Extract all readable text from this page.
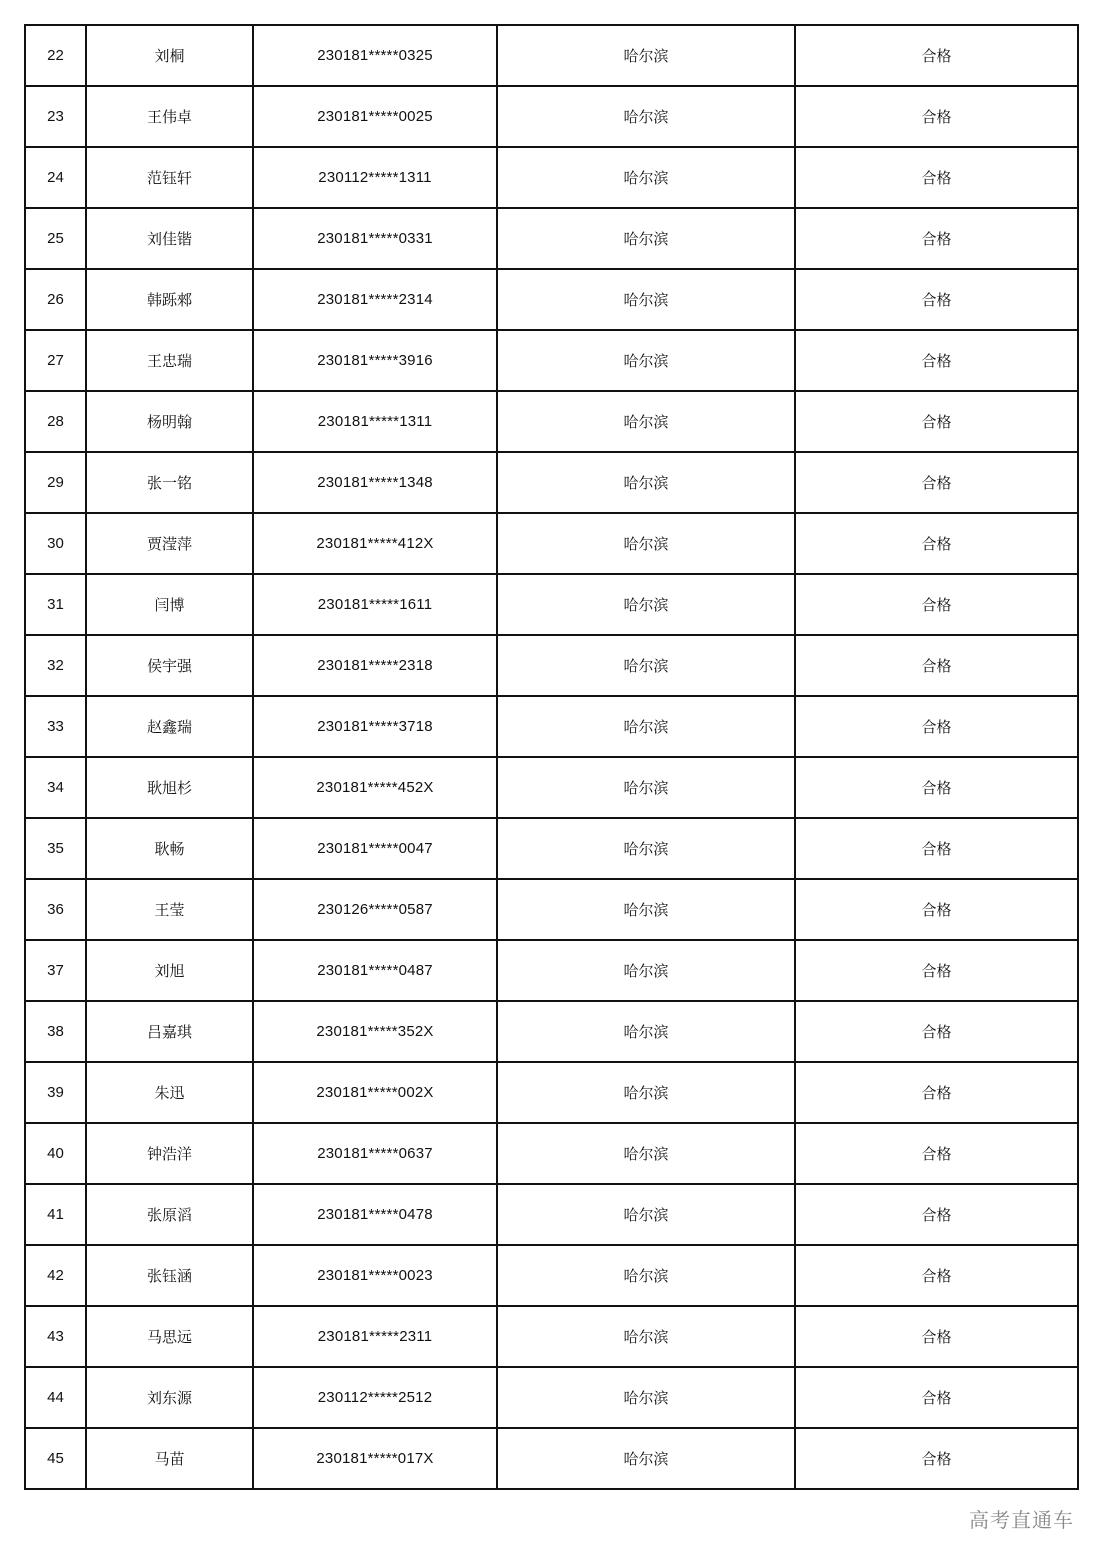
22	刘桐	230181*****0325	哈尔滨	合格
23	王伟卓	230181*****0025	哈尔滨	合格
24	范钰轩	230112*****1311	哈尔滨	合格
25	刘佳锴	230181*****0331	哈尔滨	合格
26	韩跞郲	230181*****2314	哈尔滨	合格
27	王忠瑞	230181*****3916	哈尔滨	合格
28	杨明翰	230181*****1311	哈尔滨	合格
29	张一铭	230181*****1348	哈尔滨	合格
30	贾滢萍	230181*****412X	哈尔滨	合格
31	闫博	230181*****1611	哈尔滨	合格
32	侯宇强	230181*****2318	哈尔滨	合格
33	赵鑫瑞	230181*****3718	哈尔滨	合格
34	耿旭杉	230181*****452X	哈尔滨	合格
35	耿畅	230181*****0047	哈尔滨	合格
36	王莹	230126*****0587	哈尔滨	合格
37	刘旭	230181*****0487	哈尔滨	合格
38	吕嘉琪	230181*****352X	哈尔滨	合格
39	朱迅	230181*****002X	哈尔滨	合格
40	钟浩洋	230181*****0637	哈尔滨	合格
41	张原滔	230181*****0478	哈尔滨	合格
42	张钰涵	230181*****0023	哈尔滨	合格
43	马思远	230181*****2311	哈尔滨	合格
44	刘东源	230112*****2512	哈尔滨	合格
45	马苗	230181*****017X	哈尔滨	合格
高考直通车
